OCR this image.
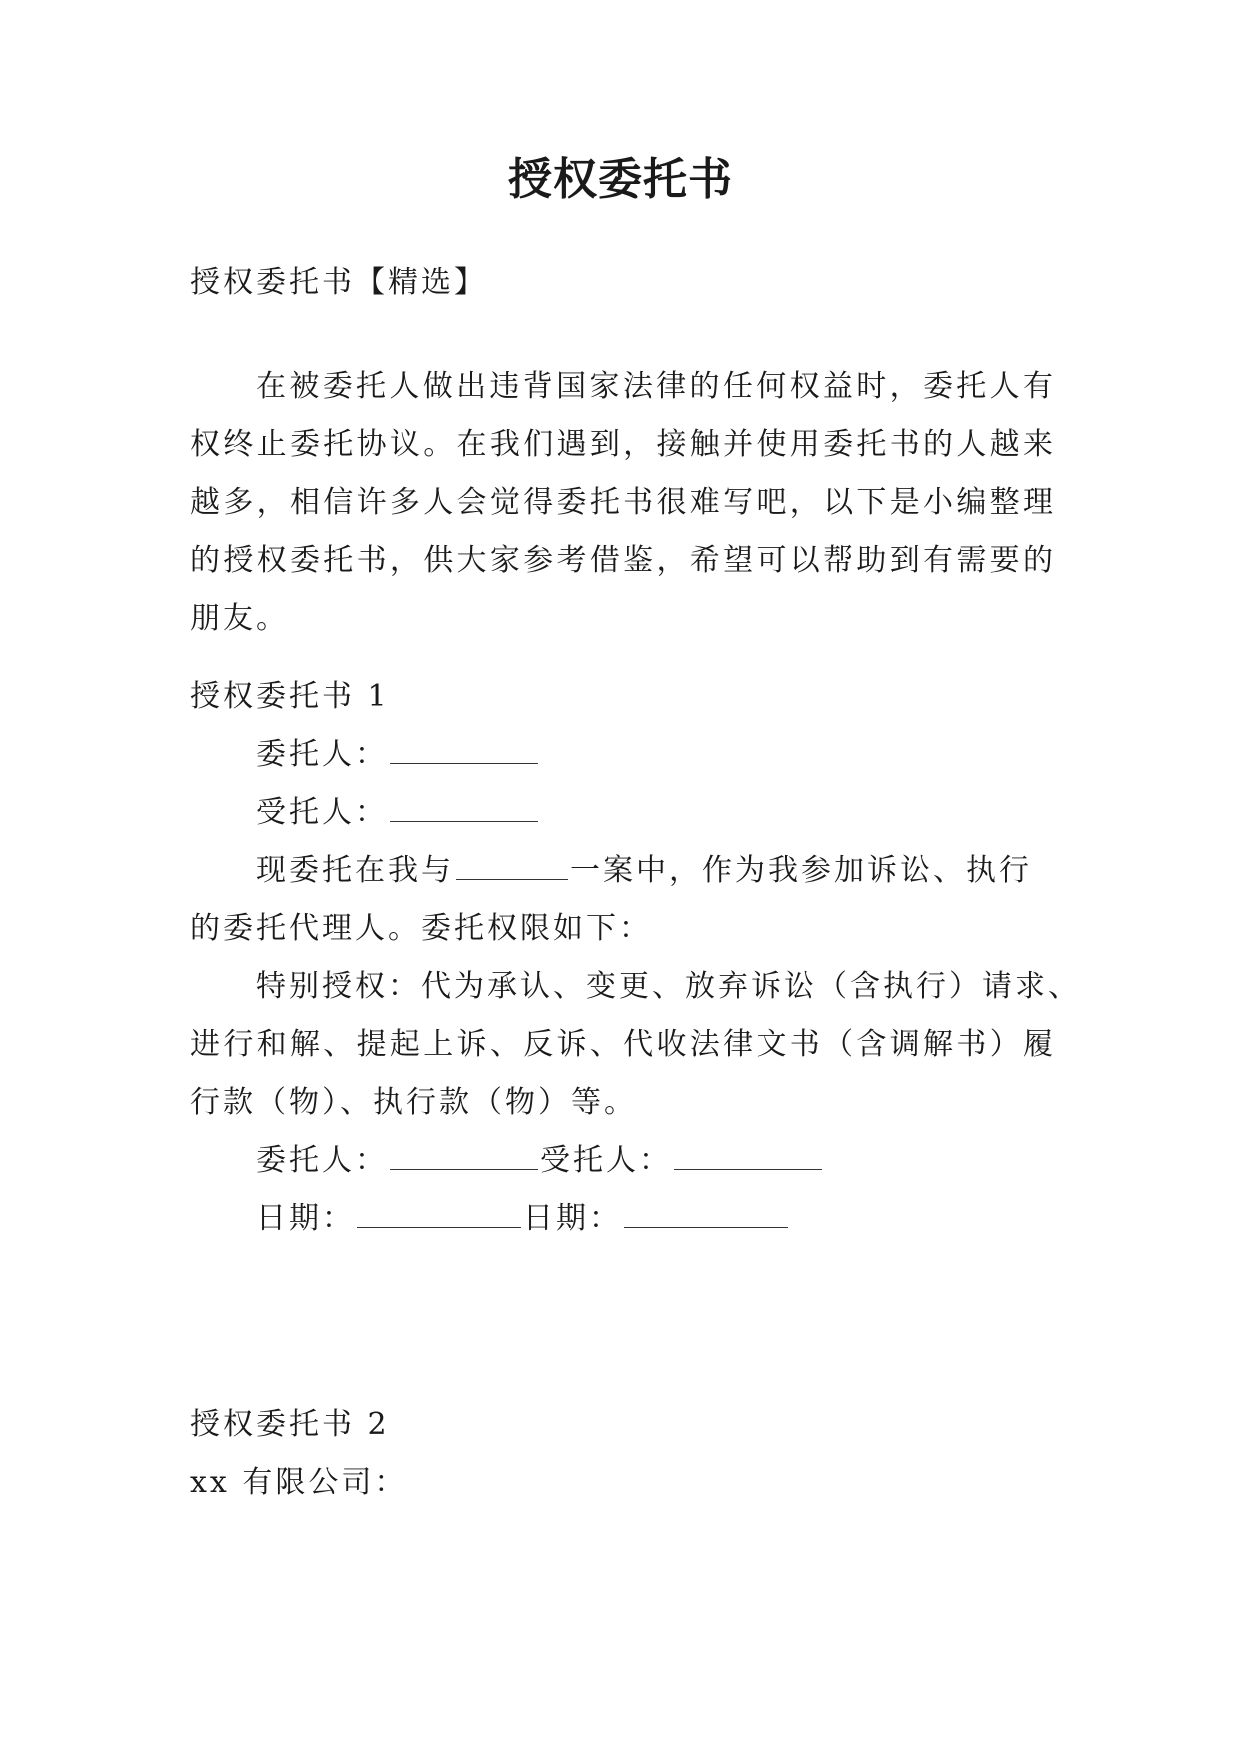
授权委托书
授权委托书【精选】
在被委托人做出违背国家法律的任何权益时，委托人有
权终止委托协议。在我们遇到，接触并使用委托书的人越来
越多，相信许多人会觉得委托书很难写吧，以下是小编整理
的授权委托书，供大家参考借鉴，希望可以帮助到有需要的
朋友。
授权委托书 1
委托人：
受托人：
现委托在我与	一案中，作为我参加诉讼、执行
的委托代理人。委托权限如下：
特别授权：代为承认、变更、放弃诉讼（含执行）请求、
进行和解、提起上诉、反诉、代收法律文书（含调解书）履
行款（物）、执行款（物）等。
委托人：	受托人：
日期：	日期：
授权委托书 2
xx 有限公司：
